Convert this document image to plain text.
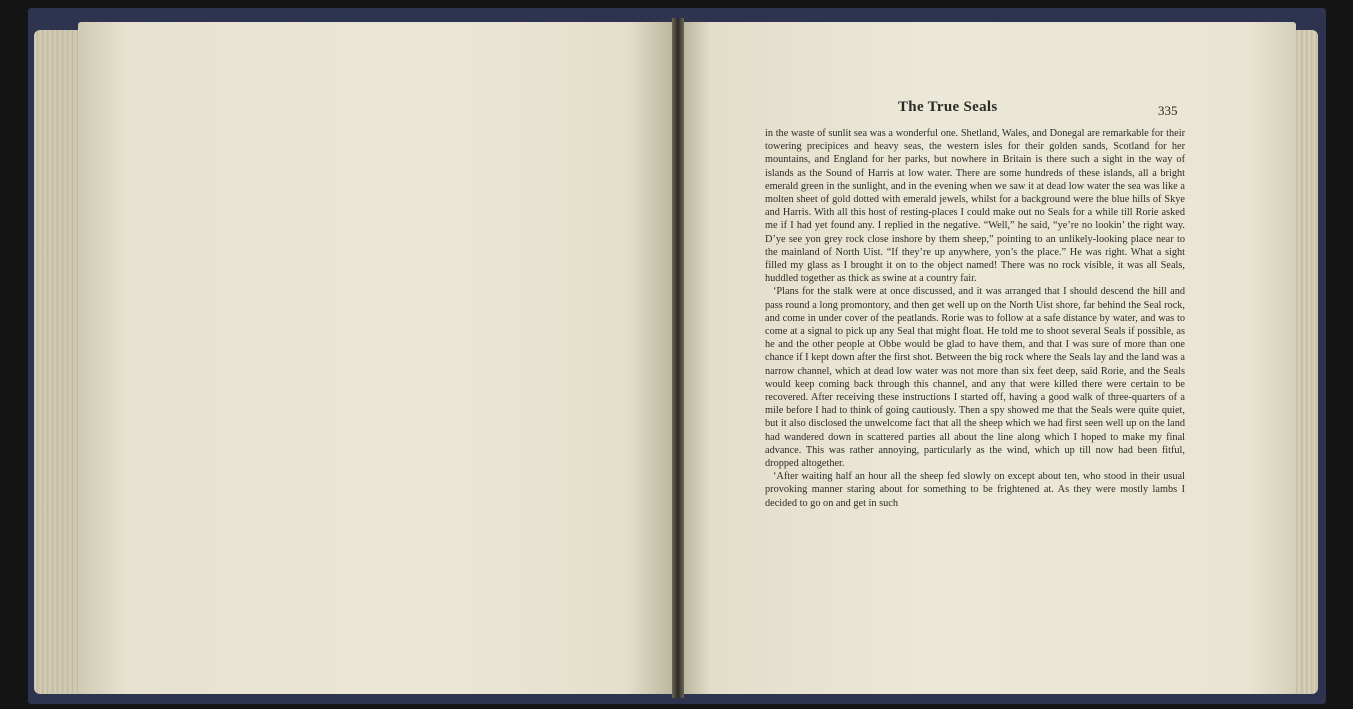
The True Seals	335

in the waste of sunlit sea was a wonderful one. Shetland, Wales, and Donegal are remarkable for their towering precipices and heavy seas, the western isles for their golden sands, Scotland for her mountains, and England for her parks, but nowhere in Britain is there such a sight in the way of islands as the Sound of Harris at low water. There are some hundreds of these islands, all a bright emerald green in the sunlight, and in the evening when we saw it at dead low water the sea was like a molten sheet of gold dotted with emerald jewels, whilst for a background were the blue hills of Skye and Harris. With all this host of resting-places I could make out no Seals for a while till Rorie asked me if I had yet found any. I replied in the negative. “Well,” he said, “ye’re no lookin’ the right way. D’ye see yon grey rock close inshore by them sheep,” pointing to an unlikely-looking place near to the mainland of North Uist. “If they’re up anywhere, yon’s the place.” He was right. What a sight filled my glass as I brought it on to the object named! There was no rock visible, it was all Seals, huddled together as thick as swine at a country fair.

‘Plans for the stalk were at once discussed, and it was arranged that I should descend the hill and pass round a long promontory, and then get well up on the North Uist shore, far behind the Seal rock, and come in under cover of the peatlands. Rorie was to follow at a safe distance by water, and was to come at a signal to pick up any Seal that might float. He told me to shoot several Seals if possible, as he and the other people at Obbe would be glad to have them, and that I was sure of more than one chance if I kept down after the first shot. Between the big rock where the Seals lay and the land was a narrow channel, which at dead low water was not more than six feet deep, said Rorie, and the Seals would keep coming back through this channel, and any that were killed there were certain to be recovered. After receiving these instructions I started off, having a good walk of three-quarters of a mile before I had to think of going cautiously. Then a spy showed me that the Seals were quite quiet, but it also disclosed the unwelcome fact that all the sheep which we had first seen well up on the land had wandered down in scattered parties all about the line along which I hoped to make my final advance. This was rather annoying, particularly as the wind, which up till now had been fitful, dropped altogether.

‘After waiting half an hour all the sheep fed slowly on except about ten, who stood in their usual provoking manner staring about for something to be frightened at. As they were mostly lambs I decided to go on and get in such
